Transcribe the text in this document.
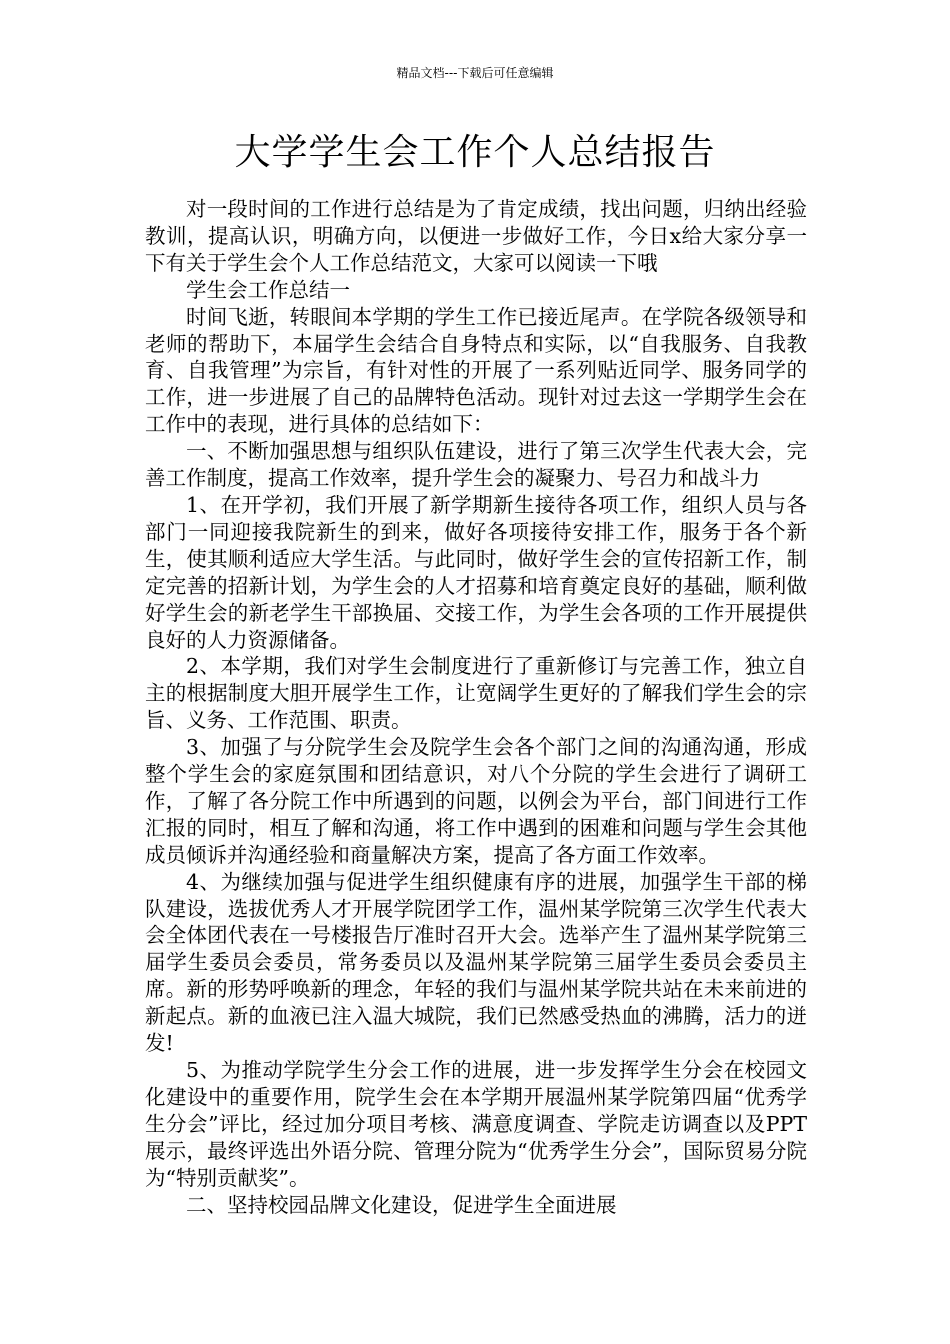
精品文档---下载后可任意编辑
大学学生会工作个人总结报告

对一段时间的工作进行总结是为了肯定成绩，找出问题，归纳出经验教训，提高认识，明确方向，以便进一步做好工作，今日x给大家分享一下有关于学生会个人工作总结范文，大家可以阅读一下哦

学生会工作总结一

时间飞逝，转眼间本学期的学生工作已接近尾声。在学院各级领导和老师的帮助下，本届学生会结合自身特点和实际，以“自我服务、自我教育、自我管理”为宗旨，有针对性的开展了一系列贴近同学、服务同学的工作，进一步进展了自己的品牌特色活动。现针对过去这一学期学生会在工作中的表现，进行具体的总结如下：

一、不断加强思想与组织队伍建设，进行了第三次学生代表大会，完善工作制度，提高工作效率，提升学生会的凝聚力、号召力和战斗力

1、在开学初，我们开展了新学期新生接待各项工作，组织人员与各部门一同迎接我院新生的到来，做好各项接待安排工作，服务于各个新生，使其顺利适应大学生活。与此同时，做好学生会的宣传招新工作，制定完善的招新计划，为学生会的人才招募和培育奠定良好的基础，顺利做好学生会的新老学生干部换届、交接工作，为学生会各项的工作开展提供良好的人力资源储备。

2、本学期，我们对学生会制度进行了重新修订与完善工作，独立自主的根据制度大胆开展学生工作，让宽阔学生更好的了解我们学生会的宗旨、义务、工作范围、职责。

3、加强了与分院学生会及院学生会各个部门之间的沟通沟通，形成整个学生会的家庭氛围和团结意识，对八个分院的学生会进行了调研工作，了解了各分院工作中所遇到的问题，以例会为平台，部门间进行工作汇报的同时，相互了解和沟通，将工作中遇到的困难和问题与学生会其他成员倾诉并沟通经验和商量解决方案，提高了各方面工作效率。

4、为继续加强与促进学生组织健康有序的进展，加强学生干部的梯队建设，选拔优秀人才开展学院团学工作，温州某学院第三次学生代表大会全体团代表在一号楼报告厅准时召开大会。选举产生了温州某学院第三届学生委员会委员，常务委员以及温州某学院第三届学生委员会委员主席。新的形势呼唤新的理念，年轻的我们与温州某学院共站在未来前进的新起点。新的血液已注入温大城院，我们已然感受热血的沸腾，活力的迸发!

5、为推动学院学生分会工作的进展，进一步发挥学生分会在校园文化建设中的重要作用，院学生会在本学期开展温州某学院第四届“优秀学生分会”评比，经过加分项目考核、满意度调查、学院走访调查以及PPT展示，最终评选出外语分院、管理分院为“优秀学生分会”，国际贸易分院为“特别贡献奖”。

二、坚持校园品牌文化建设，促进学生全面进展
